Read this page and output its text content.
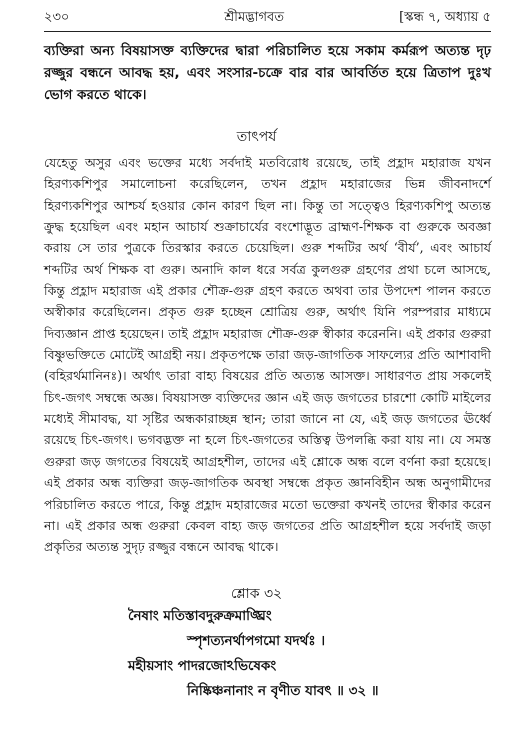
২৩০	শ্রীমদ্ভাগবত	[স্কন্ধ ৭, অধ্যায় ৫
ব্যক্তিরা অন্য বিষয়াসক্ত ব্যক্তিদের দ্বারা পরিচালিত হয়ে সকাম কর্মরূপ অত্যন্ত দৃঢ় রজ্জুর বন্ধনে আবদ্ধ হয়, এবং সংসার-চক্রে বার বার আবর্তিত হয়ে ত্রিতাপ দুঃখ ভোগ করতে থাকে।
তাৎপর্য

যেহেতু অসুর এবং ভক্তের মধ্যে সর্বদাই মতবিরোধ রয়েছে, তাই প্রহ্লাদ মহারাজ যখন হিরণ্যকশিপুর সমালোচনা করেছিলেন, তখন প্রহ্লাদ মহারাজের ভিন্ন জীবনাদর্শে হিরণ্যকশিপুর আশ্চর্য হওয়ার কোন কারণ ছিল না। কিন্তু তা সত্ত্বেও হিরণ্যকশিপু অত্যন্ত ক্রুদ্ধ হয়েছিল এবং মহান আচার্য শুক্রাচার্যের বংশোদ্ভূত ব্রাহ্মণ-শিক্ষক বা গুরুকে অবজ্ঞা করায় সে তার পুত্রকে তিরস্কার করতে চেয়েছিল। গুরু শব্দটির অর্থ ‘বীর্য’, এবং আচার্য শব্দটির অর্থ শিক্ষক বা গুরু। অনাদি কাল ধরে সর্বত্র কুলগুরু গ্রহণের প্রথা চলে আসছে, কিন্তু প্রহ্লাদ মহারাজ এই প্রকার শৌক্র-গুরু গ্রহণ করতে অথবা তার উপদেশ পালন করতে অস্বীকার করেছিলেন। প্রকৃত গুরু হচ্ছেন শ্রোত্রিয় গুরু, অর্থাৎ যিনি পরম্পরার মাধ্যমে দিব্যজ্ঞান প্রাপ্ত হয়েছেন। তাই প্রহ্লাদ মহারাজ শৌক্র-গুরু স্বীকার করেননি। এই প্রকার গুরুরা বিষ্ণুভক্তিতে মোটেই আগ্রহী নয়। প্রকৃতপক্ষে তারা জড়-জাগতিক সাফল্যের প্রতি আশাবাদী (বহিরর্থমানিনঃ)। অর্থাৎ তারা বাহ্য বিষয়ের প্রতি অত্যন্ত আসক্ত। সাধারণত প্রায় সকলেই চিৎ-জগৎ সম্বন্ধে অজ্ঞ। বিষয়াসক্ত ব্যক্তিদের জ্ঞান এই জড় জগতের চারশো কোটি মাইলের মধ্যেই সীমাবদ্ধ, যা সৃষ্টির অন্ধকারাচ্ছন্ন স্থান; তারা জানে না যে, এই জড় জগতের ঊর্ধ্বে রয়েছে চিৎ-জগৎ। ভগবদ্ভক্ত না হলে চিৎ-জগতের অস্তিত্ব উপলব্ধি করা যায় না। যে সমস্ত গুরুরা জড় জগতের বিষয়েই আগ্রহশীল, তাদের এই শ্লোকে অন্ধ বলে বর্ণনা করা হয়েছে। এই প্রকার অন্ধ ব্যক্তিরা জড়-জাগতিক অবস্থা সম্বন্ধে প্রকৃত জ্ঞানবিহীন অন্ধ অনুগামীদের পরিচালিত করতে পারে, কিন্তু প্রহ্লাদ মহারাজের মতো ভক্তেরা কখনই তাদের স্বীকার করেন না। এই প্রকার অন্ধ গুরুরা কেবল বাহ্য জড় জগতের প্রতি আগ্রহশীল হয়ে সর্বদাই জড়া প্রকৃতির অত্যন্ত সুদৃঢ় রজ্জুর বন্ধনে আবদ্ধ থাকে।

শ্লোক ৩২
নৈষাং মতিস্তাবদুরুক্রমাঙ্ঘ্রিং
স্পৃশত্যনর্থাপগমো যদর্থঃ ।
মহীয়সাং পাদরজোঽভিষেকং
নিষ্কিঞ্চনানাং ন বৃণীত যাবৎ ॥ ৩২ ॥
